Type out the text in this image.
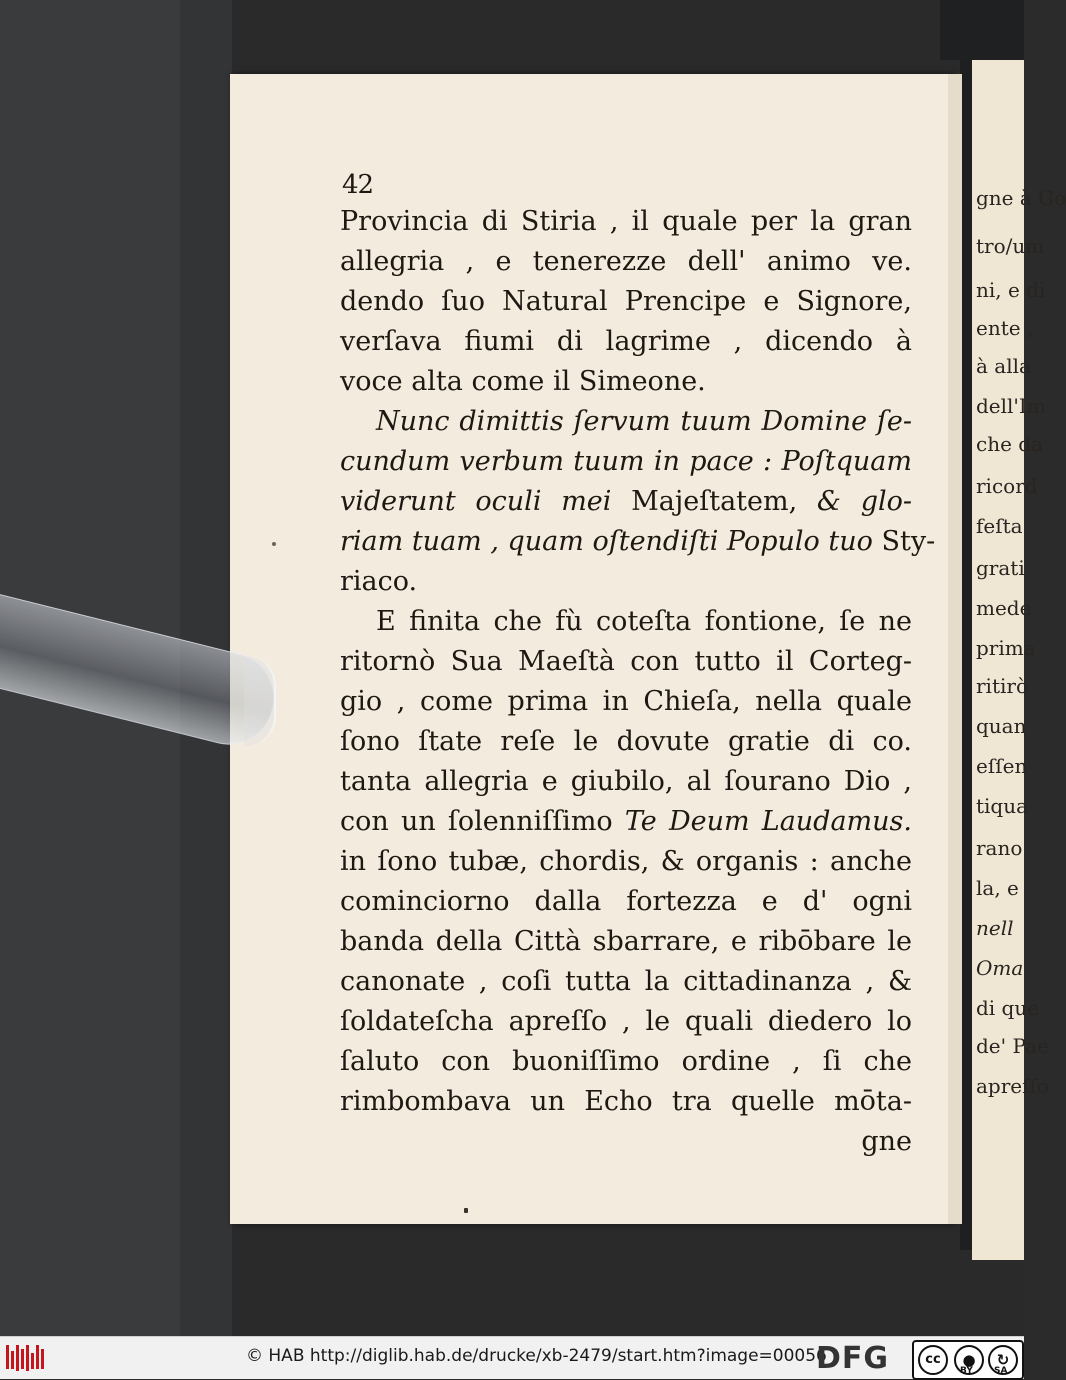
gne à Go
tro/um
ni, e di
ente ,
à alla
dell'Im
che da
ricord
feſta
grati
mede
prima
ritirò
quan
eſſen
tiqua
rano
la, e
nell
Oma
di que
de' Pae
apreſſo
42
Provincia di Stiria , il quale per la gran
allegria , e tenerezze dell' animo ve.
dendo ſuo Natural Prencipe e Signore,
verſava fiumi di lagrime , dicendo à
voce alta come il Simeone.
Nunc dimittis ſervum tuum Domine ſe-
cundum verbum tuum in pace : Poſtquam
viderunt oculi mei Majeſtatem, & glo-
riam tuam , quam oſtendiſti Populo tuo Sty-
riaco.
E finita che fù coteſta fontione, ſe ne
ritornò Sua Maeſtà con tutto il Corteg-
gio , come prima in Chieſa, nella quale
ſono ſtate reſe le dovute gratie di co.
tanta allegria e giubilo, al ſourano Dio ,
con un ſolenniſſimo Te Deum Laudamus.
in ſono tubæ, chordis, & organis : anche
cominciorno dalla fortezza e d' ogni
banda della Città sbarrare, e ribōbare le
canonate , coſi tutta la cittadinanza , &
ſoldateſcha apreſſo , le quali diedero lo
ſaluto con buoniſſimo ordine , ſi che
rimbombava un Echo tra quelle mōta-
gne
© HAB http://diglib.hab.de/drucke/xb-2479/start.htm?image=00056
DFG	cc	●	↻
BY SA
